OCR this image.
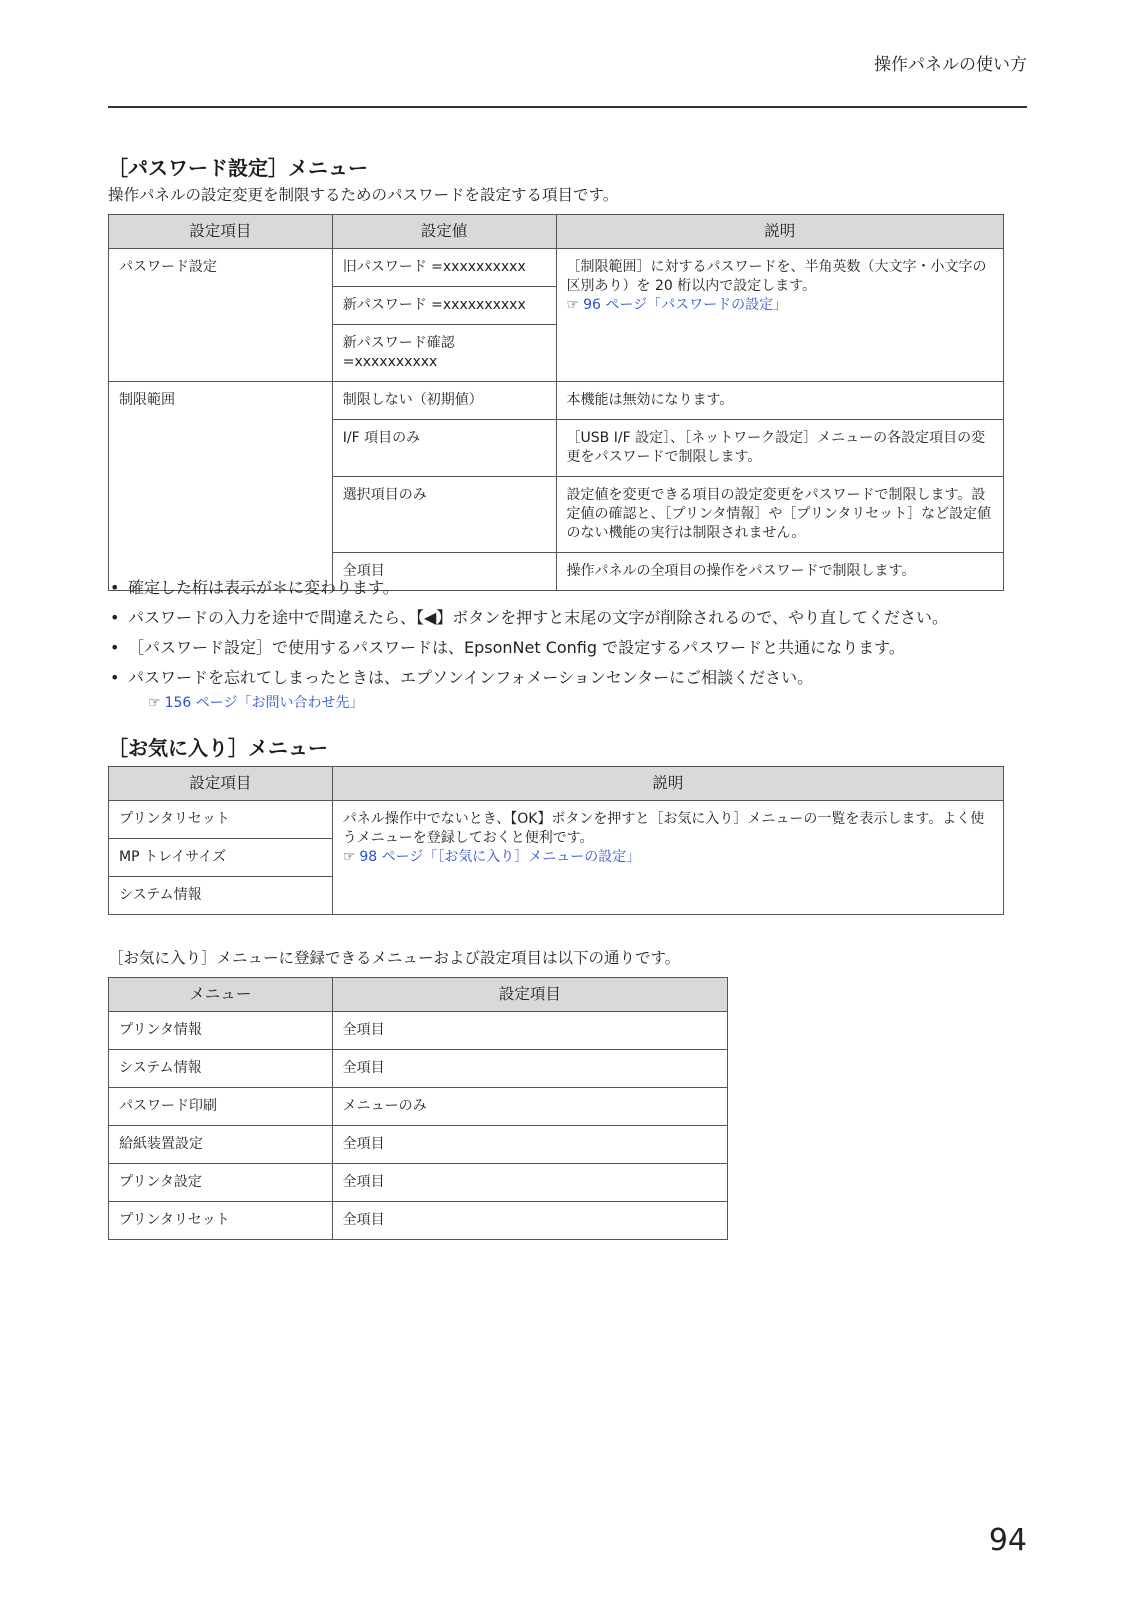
操作パネルの使い方
［パスワード設定］メニュー
操作パネルの設定変更を制限するためのパスワードを設定する項目です。
設定項目	設定値	説明
パスワード設定	旧パスワード =xxxxxxxxxx	［制限範囲］に対するパスワードを、半角英数（大文字・小文字の区別あり）を 20 桁以内で設定します。
☞ 96 ページ「パスワードの設定」

	新パスワード =xxxxxxxxxx	
	新パスワード確認 =xxxxxxxxxx	
制限範囲	制限しない（初期値）	本機能は無効になります。
	I/F 項目のみ	［USB I/F 設定］、［ネットワーク設定］メニューの各設定項目の変更をパスワードで制限します。
	選択項目のみ	設定値を変更できる項目の設定変更をパスワードで制限します。設定値の確認と、［プリンタ情報］や［プリンタリセット］など設定値のない機能の実行は制限されません。
	全項目	操作パネルの全項目の操作をパスワードで制限します。
• 確定した桁は表示が＊に変わります。
• パスワードの入力を途中で間違えたら、【◀】ボタンを押すと末尾の文字が削除されるので、やり直してください。
• ［パスワード設定］で使用するパスワードは、EpsonNet Config で設定するパスワードと共通になります。
• パスワードを忘れてしまったときは、エプソンインフォメーションセンターにご相談ください。
☞ 156 ページ「お問い合わせ先」
［お気に入り］メニュー
設定項目	説明
プリンタリセット	パネル操作中でないとき、【OK】ボタンを押すと［お気に入り］メニューの一覧を表示します。よく使うメニューを登録しておくと便利です。
☞ 98 ページ「［お気に入り］メニューの設定」

MP トレイサイズ	
システム情報	
［お気に入り］メニューに登録できるメニューおよび設定項目は以下の通りです。
メニュー	設定項目
プリンタ情報	全項目
システム情報	全項目
パスワード印刷	メニューのみ
給紙装置設定	全項目
プリンタ設定	全項目
プリンタリセット	全項目
94
